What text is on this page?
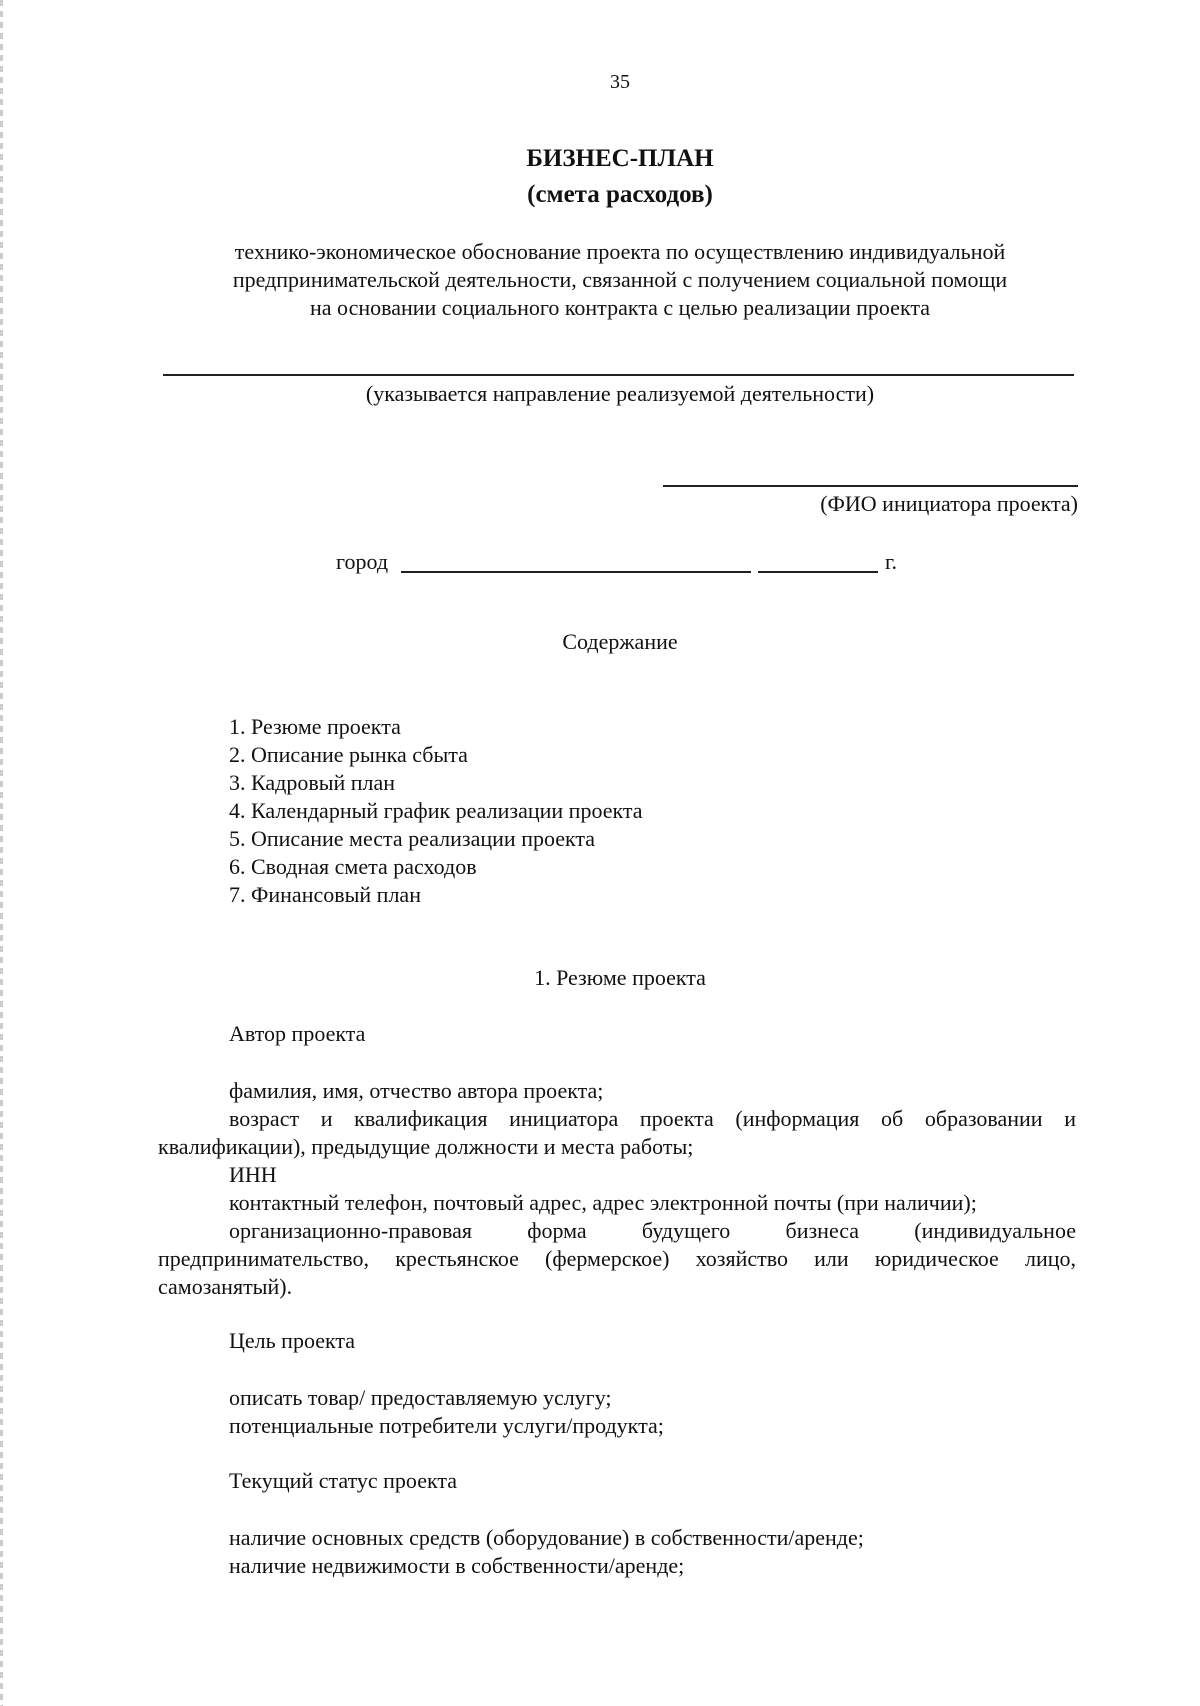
35
БИЗНЕС-ПЛАН
(смета расходов)
технико-экономическое обоснование проекта по осуществлению индивидуальной
предпринимательской деятельности, связанной с получением социальной помощи
на основании социального контракта с целью реализации проекта
(указывается направление реализуемой деятельности)
(ФИО инициатора проекта)
город	г.
Содержание
1. Резюме проекта
2. Описание рынка сбыта
3. Кадровый план
4. Календарный график реализации проекта
5. Описание места реализации проекта
6. Сводная смета расходов
7. Финансовый план
1. Резюме проекта
Автор проекта
фамилия, имя, отчество автора проекта;
возраст и квалификация инициатора проекта (информация об образовании и
квалификации), предыдущие должности и места работы;
ИНН
контактный телефон, почтовый адрес, адрес электронной почты (при наличии);
организационно-правовая форма будущего бизнеса (индивидуальное
предпринимательство, крестьянское (фермерское) хозяйство или юридическое лицо,
самозанятый).
Цель проекта
описать товар/ предоставляемую услугу;
потенциальные потребители услуги/продукта;
Текущий статус проекта
наличие основных средств (оборудование) в собственности/аренде;
наличие недвижимости в собственности/аренде;
